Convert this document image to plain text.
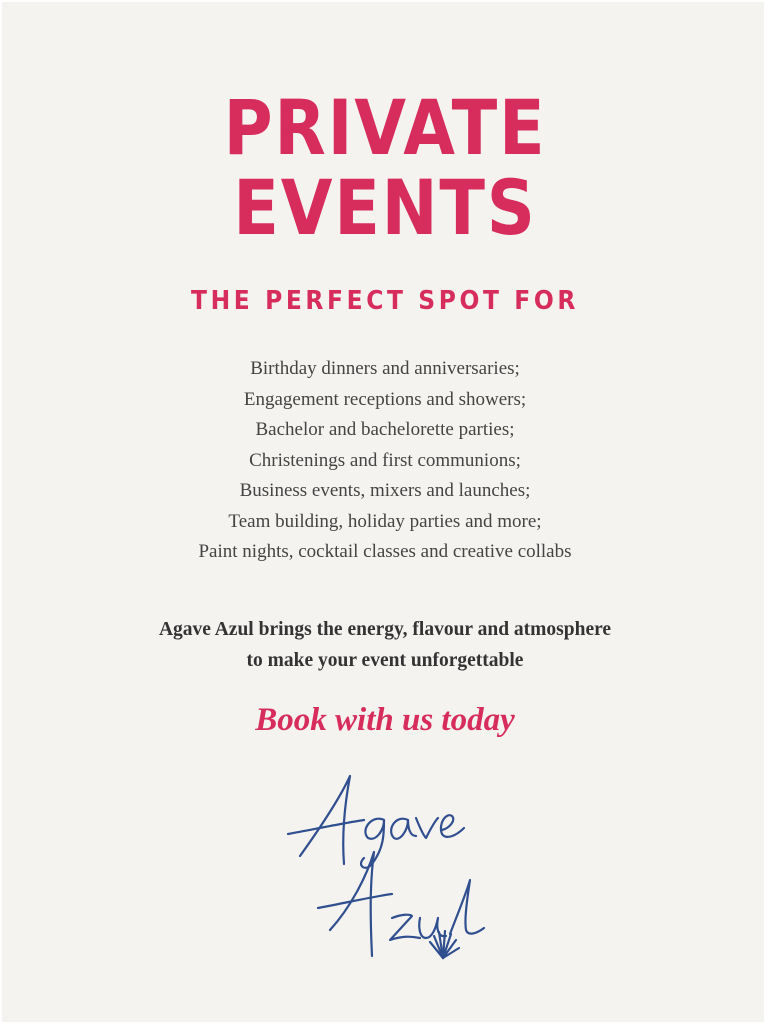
PRIVATE
EVENTS
THE PERFECT SPOT FOR
Birthday dinners and anniversaries;
Engagement receptions and showers;
Bachelor and bachelorette parties;
Christenings and first communions;
Business events, mixers and launches;
Team building, holiday parties and more;
Paint nights, cocktail classes and creative collabs
Agave Azul brings the energy, flavour and atmosphere
to make your event unforgettable
Book with us today
